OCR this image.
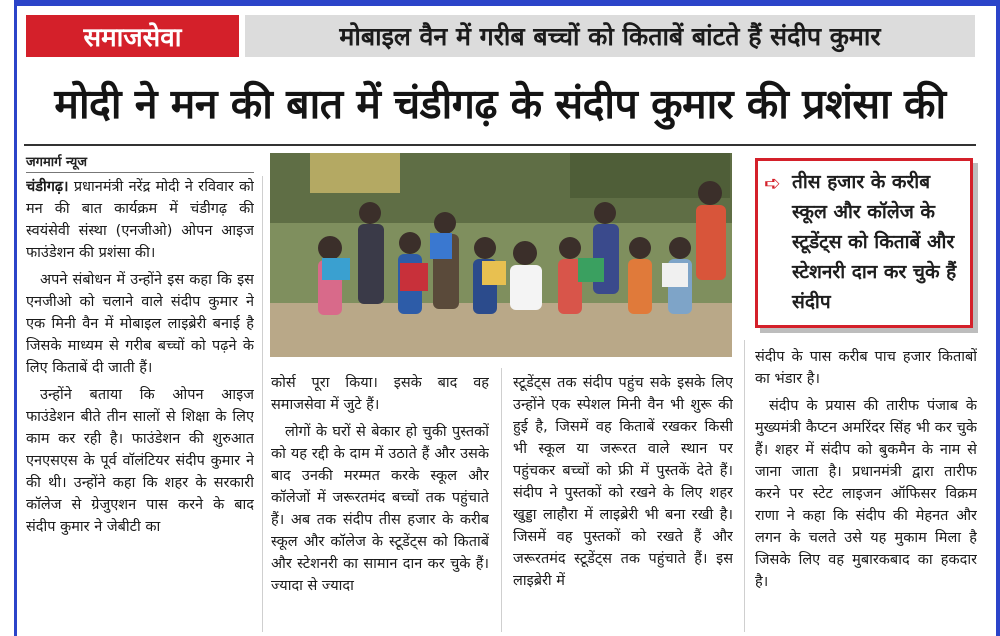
समाजसेवा	मोबाइल वैन में गरीब बच्चों को किताबें बांटते हैं संदीप कुमार
मोदी ने मन की बात में चंडीगढ़ के संदीप कुमार की प्रशंसा की
जगमार्ग न्यूज

चंडीगढ़। प्रधानमंत्री नरेंद्र मोदी ने रविवार को मन की बात कार्यक्रम में चंडीगढ़ की स्वयंसेवी संस्था (एनजीओ) ओपन आइज फाउंडेशन की प्रशंसा की।

अपने संबोधन में उन्होंने इस कहा कि इस एनजीओ को चलाने वाले संदीप कुमार ने एक मिनी वैन में मोबाइल लाइब्रेरी बनाई है जिसके माध्यम से गरीब बच्चों को पढ़ने के लिए किताबें दी जाती हैं।

उन्होंने बताया कि ओपन आइज फाउंडेशन बीते तीन सालों से शिक्षा के लिए काम कर रही है। फाउंडेशन की शुरुआत एनएसएस के पूर्व वॉलंटियर संदीप कुमार ने की थी। उन्होंने कहा कि शहर के सरकारी कॉलेज से ग्रेजुएशन पास करने के बाद संदीप कुमार ने जेबीटी का

➪ तीस हजार के करीब स्कूल और कॉलेज के स्टूडेंट्स को किताबें और स्टेशनरी दान कर चुके हैं संदीप

कोर्स पूरा किया। इसके बाद वह समाजसेवा में जुटे हैं।

लोगों के घरों से बेकार हो चुकी पुस्तकों को यह रद्दी के दाम में उठाते हैं और उसके बाद उनकी मरम्मत करके स्कूल और कॉलेजों में जरूरतमंद बच्चों तक पहुंचाते हैं। अब तक संदीप तीस हजार के करीब स्कूल और कॉलेज के स्टूडेंट्स को किताबें और स्टेशनरी का सामान दान कर चुके हैं। ज्यादा से ज्यादा

स्टूडेंट्स तक संदीप पहुंच सके इसके लिए उन्होंने एक स्पेशल मिनी वैन भी शुरू की हुई है, जिसमें वह किताबें रखकर किसी भी स्कूल या जरूरत वाले स्थान पर पहुंचकर बच्चों को फ्री में पुस्तकें देते हैं। संदीप ने पुस्तकों को रखने के लिए शहर खुड्डा लाहौरा में लाइब्रेरी भी बना रखी है। जिसमें वह पुस्तकों को रखते हैं और जरूरतमंद स्टूडेंट्स तक पहुंचाते हैं। इस लाइब्रेरी में

संदीप के पास करीब पाच हजार किताबों का भंडार है।

संदीप के प्रयास की तारीफ पंजाब के मुख्यमंत्री कैप्टन अमरिंदर सिंह भी कर चुके हैं। शहर में संदीप को बुकमैन के नाम से जाना जाता है। प्रधानमंत्री द्वारा तारीफ करने पर स्टेट लाइजन ऑफिसर विक्रम राणा ने कहा कि संदीप की मेहनत और लगन के चलते उसे यह मुकाम मिला है जिसके लिए वह मुबारकबाद का हकदार है।
